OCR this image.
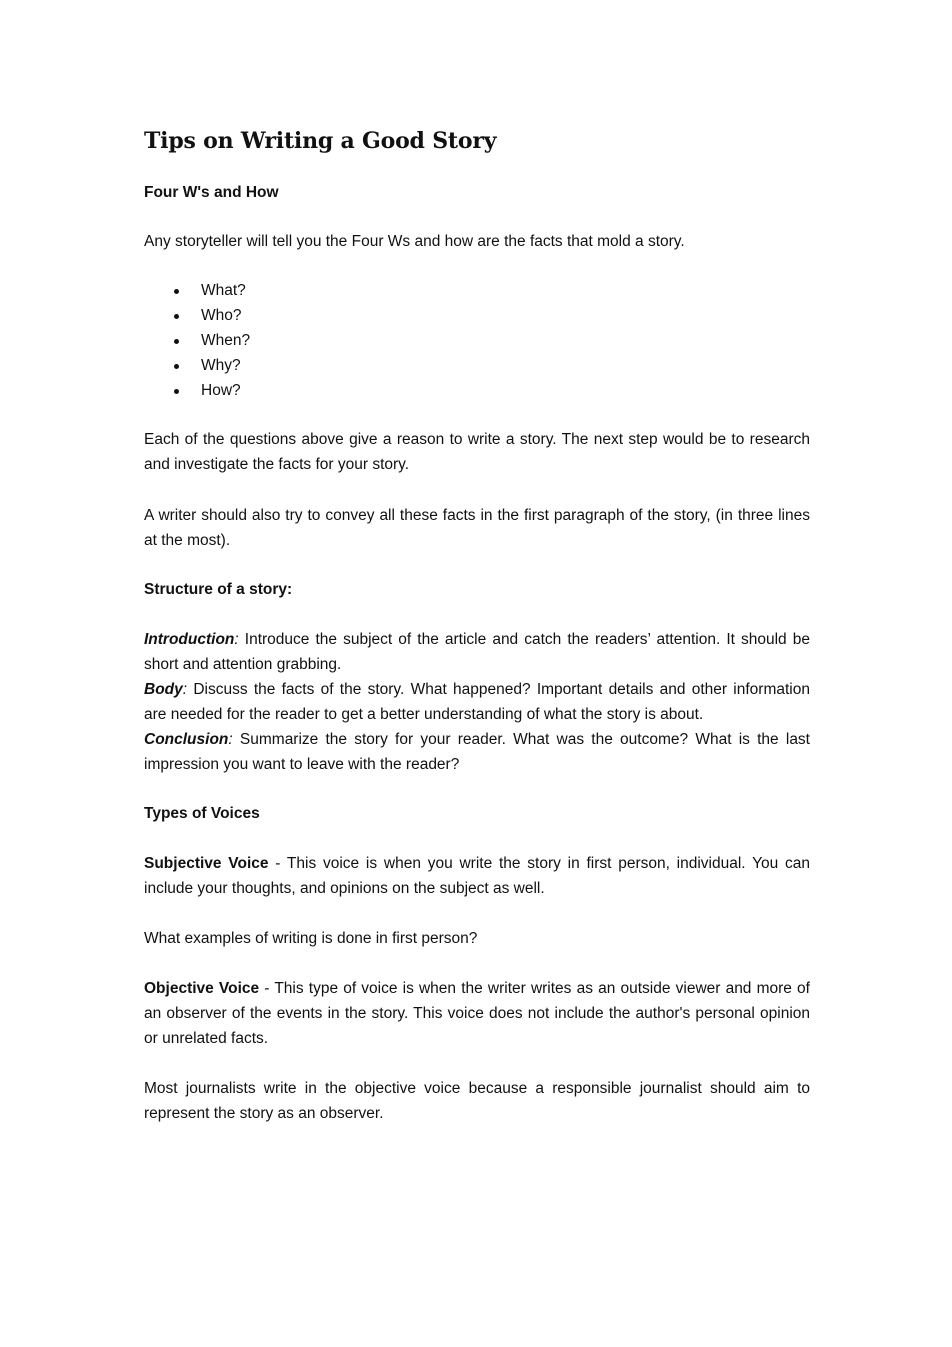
Tips on Writing a Good Story
Four W's and How

Any storyteller will tell you the Four Ws and how are the facts that mold a story.

What?
Who?
When?
Why?
How?

Each of the questions above give a reason to write a story. The next step would be to research and investigate the facts for your story.

A writer should also try to convey all these facts in the first paragraph of the story, (in three lines at the most).

Structure of a story:

Introduction: Introduce the subject of the article and catch the readers’ attention. It should be short and attention grabbing.

Body: Discuss the facts of the story. What happened? Important details and other information are needed for the reader to get a better understanding of what the story is about.

Conclusion: Summarize the story for your reader. What was the outcome? What is the last impression you want to leave with the reader?

Types of Voices

Subjective Voice - This voice is when you write the story in first person, individual. You can include your thoughts, and opinions on the subject as well.

What examples of writing is done in first person?

Objective Voice - This type of voice is when the writer writes as an outside viewer and more of an observer of the events in the story. This voice does not include the author's personal opinion or unrelated facts.

Most journalists write in the objective voice because a responsible journalist should aim to represent the story as an observer.
